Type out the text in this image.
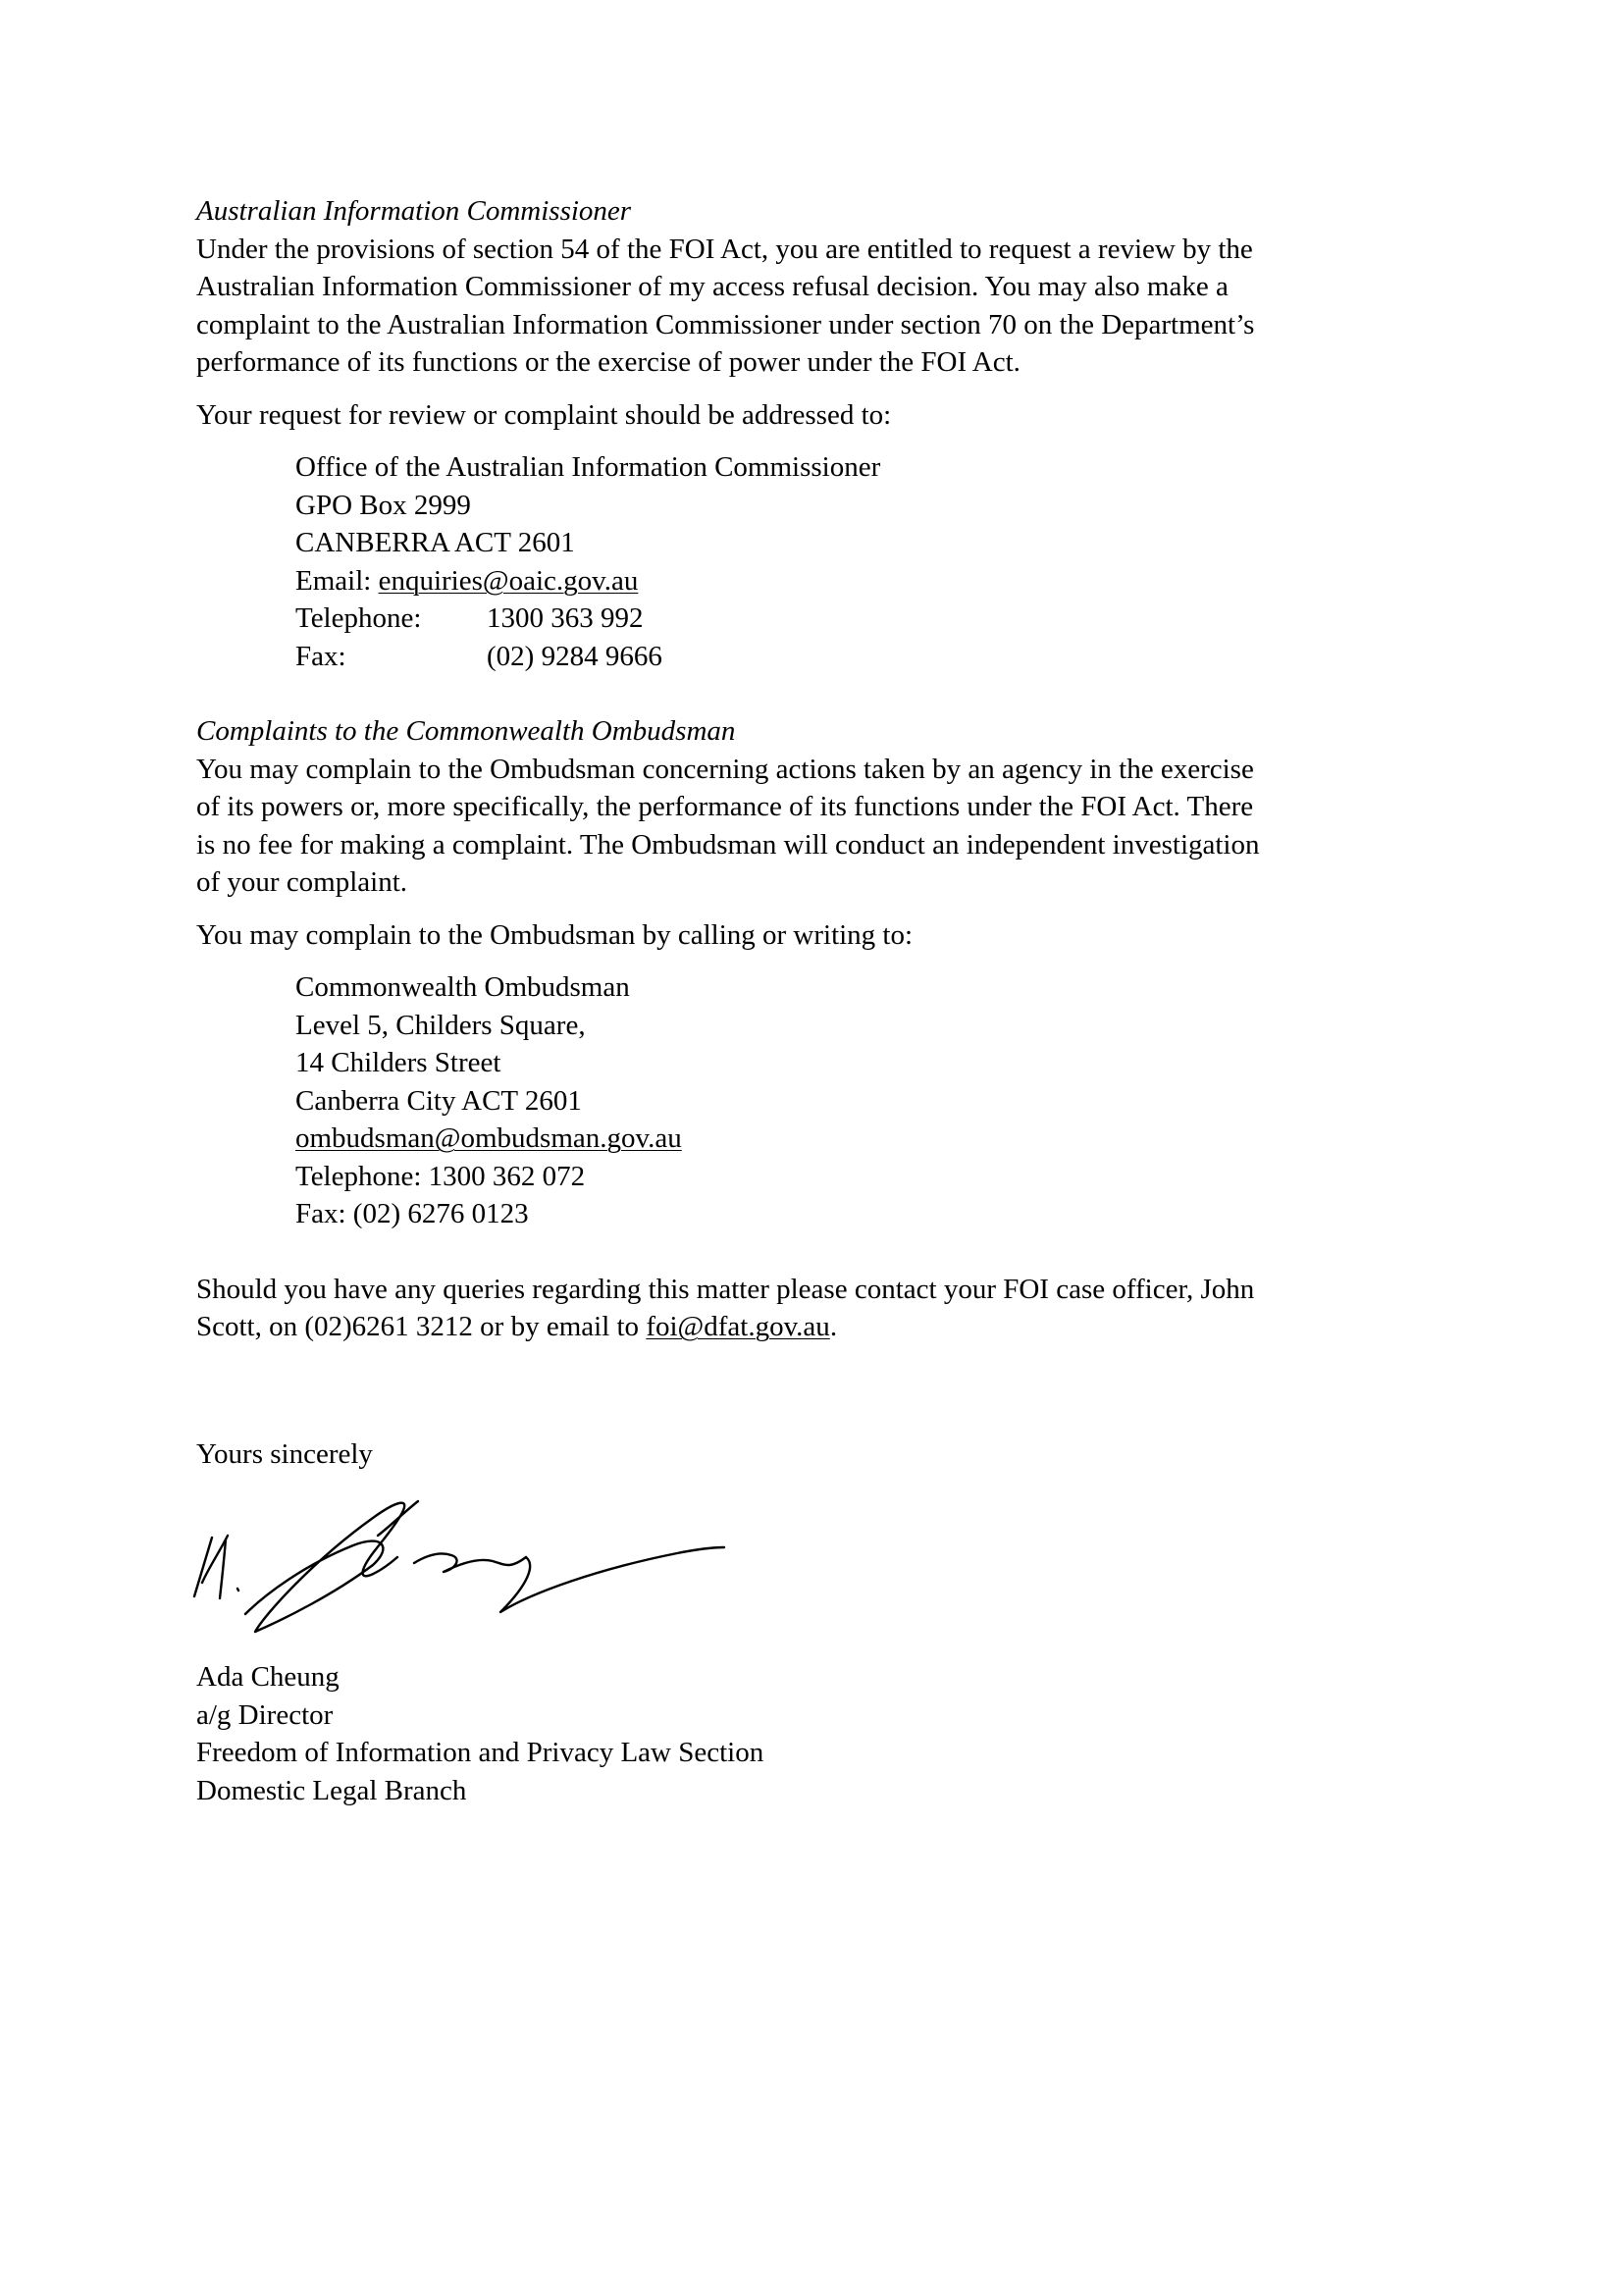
Australian Information Commissioner

Under the provisions of section 54 of the FOI Act, you are entitled to request a review by the

Australian Information Commissioner of my access refusal decision. You may also make a

complaint to the Australian Information Commissioner under section 70 on the Department’s

performance of its functions or the exercise of power under the FOI Act.

Your request for review or complaint should be addressed to:

Office of the Australian Information Commissioner

GPO Box 2999

CANBERRA ACT 2601

Email: enquiries@oaic.gov.au

Telephone:	1300 363 992
Fax:	(02) 9284 9666

Complaints to the Commonwealth Ombudsman

You may complain to the Ombudsman concerning actions taken by an agency in the exercise

of its powers or, more specifically, the performance of its functions under the FOI Act. There

is no fee for making a complaint. The Ombudsman will conduct an independent investigation

of your complaint.

You may complain to the Ombudsman by calling or writing to:

Commonwealth Ombudsman

Level 5, Childers Square,

14 Childers Street

Canberra City ACT 2601

ombudsman@ombudsman.gov.au

Telephone: 1300 362 072

Fax: (02) 6276 0123

Should you have any queries regarding this matter please contact your FOI case officer, John

Scott, on (02)6261 3212 or by email to foi@dfat.gov.au.

Yours sincerely

Ada Cheung

a/g Director

Freedom of Information and Privacy Law Section

Domestic Legal Branch
